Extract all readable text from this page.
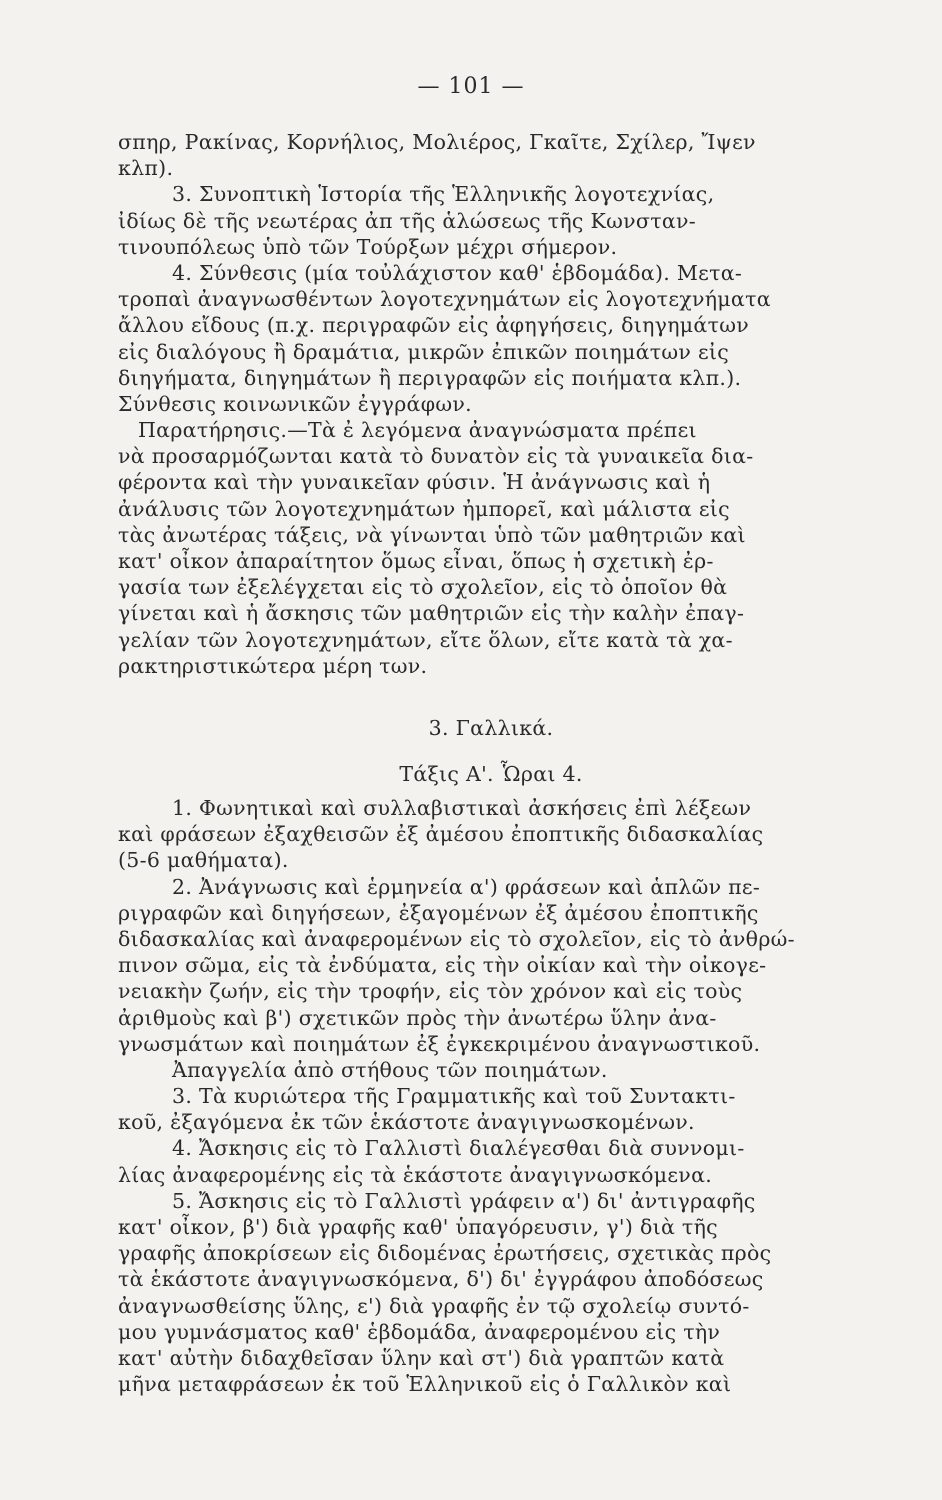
— 101 —
σπηρ, Ρακίνας, Κορνήλιος, Μολιέρος, Γκαῖτε, Σχίλερ, Ἴψεν
κλπ).
3. Συνοπτικὴ Ἱστορία τῆς Ἑλληνικῆς λογοτεχνίας,
ἰδίως δὲ τῆς νεωτέρας ἀπ τῆς ἁλώσεως τῆς Κωνσταν-
τινουπόλεως ὑπὸ τῶν Τούρξων μέχρι σήμερον.
4. Σύνθεσις (μία τοὐλάχιστον καθ' ἑβδομάδα). Μετα-
τροπαὶ ἀναγνωσθέντων λογοτεχνημάτων εἰς λογοτεχνήματα
ἄλλου εἴδους (π.χ. περιγραφῶν εἰς ἀφηγήσεις, διηγημάτων
εἰς διαλόγους ἢ δραμάτια, μικρῶν ἐπικῶν ποιημάτων εἰς
διηγήματα, διηγημάτων ἢ περιγραφῶν εἰς ποιήματα κλπ.).
Σύνθεσις κοινωνικῶν ἐγγράφων.
Παρατήρησις.—Τὰ ἐ λεγόμενα ἀναγνώσματα πρέπει
νὰ προσαρμόζωνται κατὰ τὸ δυνατὸν εἰς τὰ γυναικεῖα δια-
φέροντα καὶ τὴν γυναικεῖαν φύσιν. Ἡ ἀνάγνωσις καὶ ἡ
ἀνάλυσις τῶν λογοτεχνημάτων ἠμπορεῖ, καὶ μάλιστα εἰς
τὰς ἀνωτέρας τάξεις, νὰ γίνωνται ὑπὸ τῶν μαθητριῶν καὶ
κατ' οἶκον ἀπαραίτητον ὅμως εἶναι, ὅπως ἡ σχετικὴ ἐρ-
γασία των ἐξελέγχεται εἰς τὸ σχολεῖον, εἰς τὸ ὁποῖον θὰ
γίνεται καὶ ἡ ἄσκησις τῶν μαθητριῶν εἰς τὴν καλὴν ἐπαγ-
γελίαν τῶν λογοτεχνημάτων, εἴτε ὅλων, εἴτε κατὰ τὰ χα-
ρακτηριστικώτερα μέρη των.
3. Γαλλικά.
Τάξις Α'. Ὧραι 4.
1. Φωνητικαὶ καὶ συλλαβιστικαὶ ἀσκήσεις ἐπὶ λέξεων
καὶ φράσεων ἐξαχθεισῶν ἐξ ἀμέσου ἐποπτικῆς διδασκαλίας
(5-6 μαθήματα).
2. Ἀνάγνωσις καὶ ἑρμηνεία α') φράσεων καὶ ἁπλῶν πε-
ριγραφῶν καὶ διηγήσεων, ἐξαγομένων ἐξ ἀμέσου ἐποπτικῆς
διδασκαλίας καὶ ἀναφερομένων εἰς τὸ σχολεῖον, εἰς τὸ ἀνθρώ-
πινον σῶμα, εἰς τὰ ἐνδύματα, εἰς τὴν οἰκίαν καὶ τὴν οἰκογε-
νειακὴν ζωήν, εἰς τὴν τροφήν, εἰς τὸν χρόνον καὶ εἰς τοὺς
ἀριθμοὺς καὶ β') σχετικῶν πρὸς τὴν ἀνωτέρω ὕλην ἀνα-
γνωσμάτων καὶ ποιημάτων ἐξ ἐγκεκριμένου ἀναγνωστικοῦ.
Ἀπαγγελία ἀπὸ στήθους τῶν ποιημάτων.
3. Τὰ κυριώτερα τῆς Γραμματικῆς καὶ τοῦ Συντακτι-
κοῦ, ἐξαγόμενα ἐκ τῶν ἑκάστοτε ἀναγιγνωσκομένων.
4. Ἄσκησις εἰς τὸ Γαλλιστὶ διαλέγεσθαι διὰ συννομι-
λίας ἀναφερομένης εἰς τὰ ἑκάστοτε ἀναγιγνωσκόμενα.
5. Ἄσκησις εἰς τὸ Γαλλιστὶ γράφειν α') δι' ἀντιγραφῆς
κατ' οἶκον, β') διὰ γραφῆς καθ' ὑπαγόρευσιν, γ') διὰ τῆς
γραφῆς ἀποκρίσεων εἰς διδομένας ἐρωτήσεις, σχετικὰς πρὸς
τὰ ἑκάστοτε ἀναγιγνωσκόμενα, δ') δι' ἐγγράφου ἀποδόσεως
ἀναγνωσθείσης ὕλης, ε') διὰ γραφῆς ἐν τῷ σχολείῳ συντό-
μου γυμνάσματος καθ' ἑβδομάδα, ἀναφερομένου εἰς τὴν
κατ' αὐτὴν διδαχθεῖσαν ὕλην καὶ στ') διὰ γραπτῶν κατὰ
μῆνα μεταφράσεων ἐκ τοῦ Ἑλληνικοῦ εἰς ὁ Γαλλικὸν καὶ
